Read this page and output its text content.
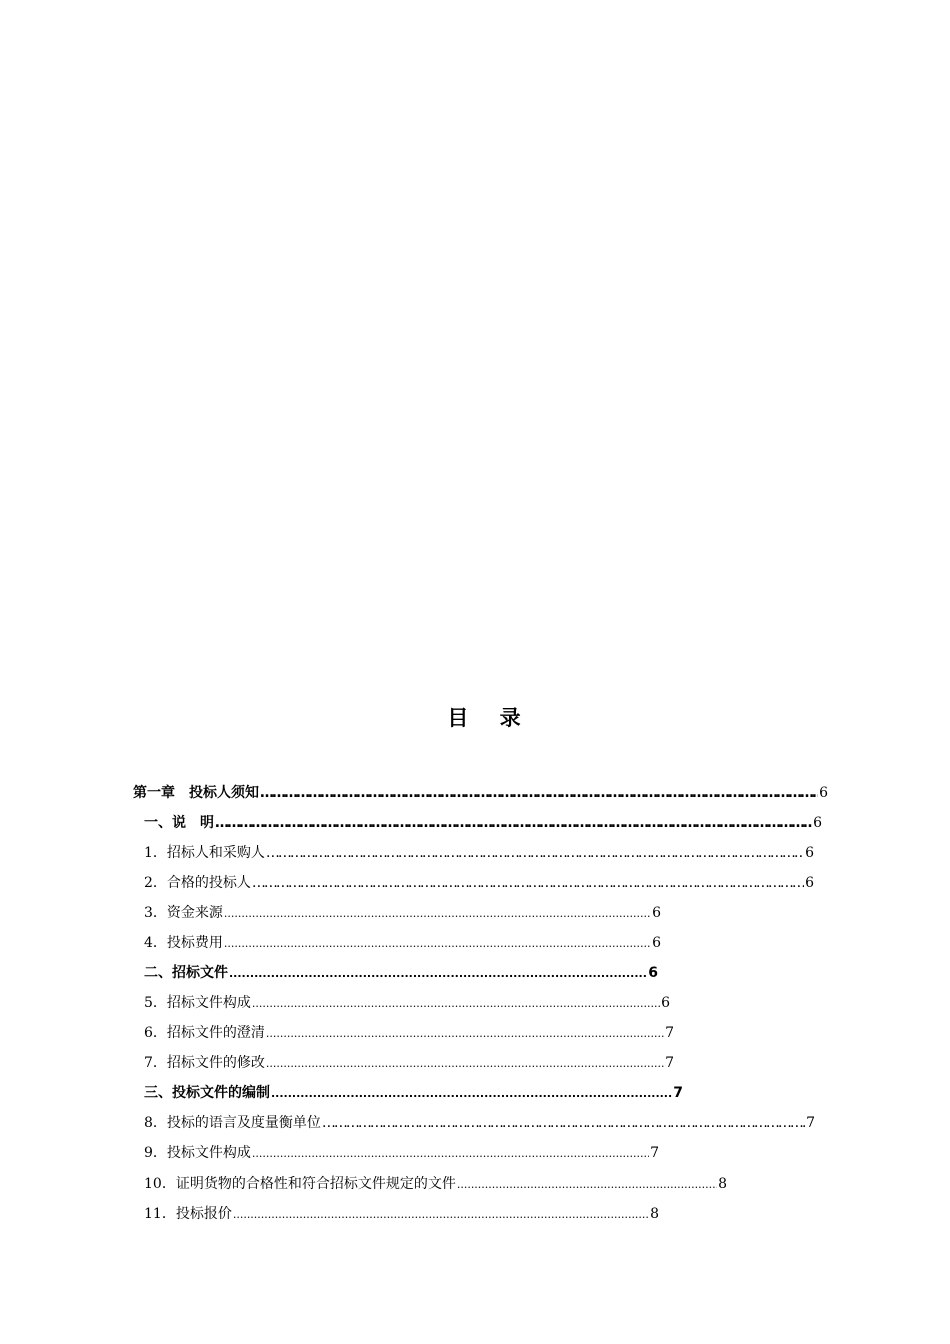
目 录
第一章　投标人须知 ……………………………………………………………………………………………………………………………………………………………………………………………………………	6
一、说　明 ……………………………………………………………………………………………………………………………………………………………………………………………………………	6
1．招标人和采购人 ……………………………………………………………………………………………………………………………………………………………………………………………………………	6
2．合格的投标人 ……………………………………………………………………………………………………………………………………………………………………………………………………………	6
3．资金来源 .....	6
4．投标费用 .....	6
二、招标文件 .....	6
5．招标文件构成 .....	6
6．招标文件的澄清 .....	7
7．招标文件的修改 .....	7
三、投标文件的编制 .....	7
8．投标的语言及度量衡单位 ……………………………………………………………………………………………………………………………………………………………………………………………………………	7
9．投标文件构成 .....	7
10．证明货物的合格性和符合招标文件规定的文件 .....	8
11．投标报价 .....	8
